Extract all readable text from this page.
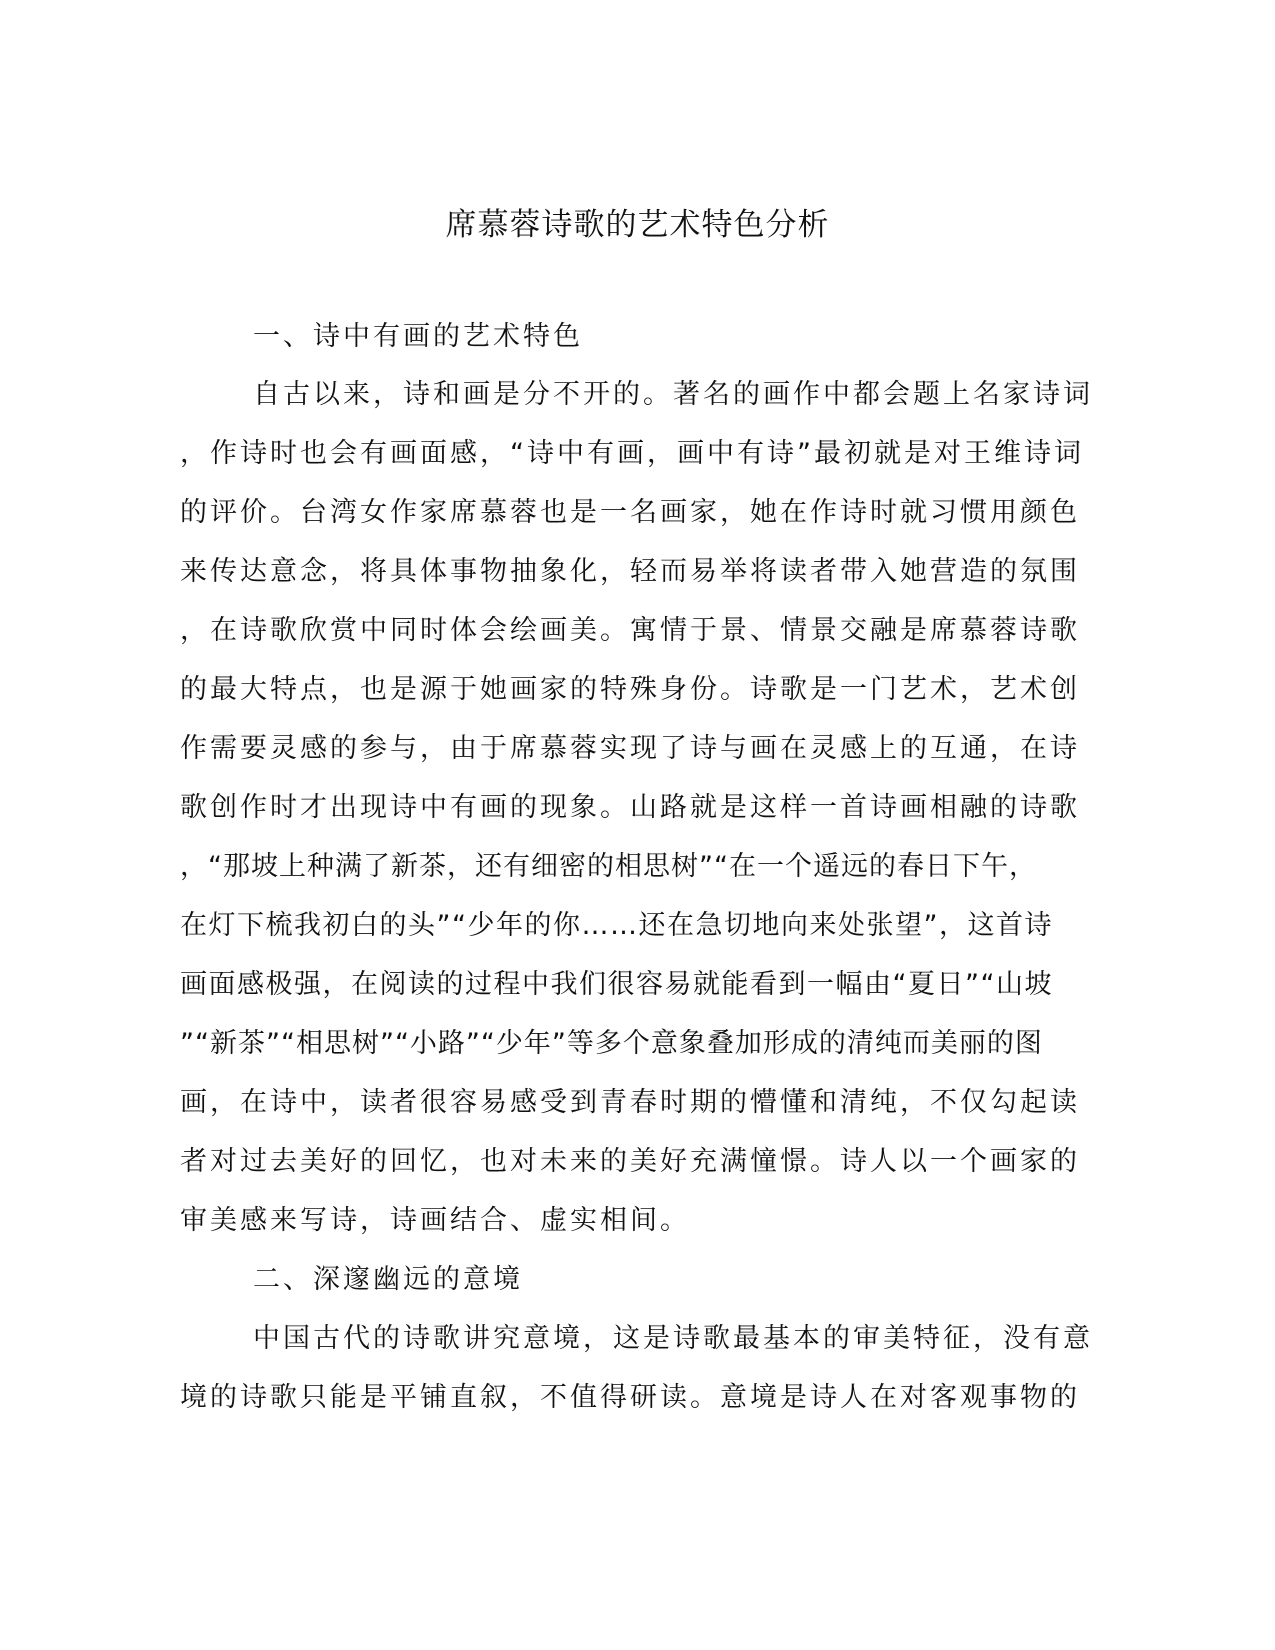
席慕蓉诗歌的艺术特色分析

一、诗中有画的艺术特色

自古以来，诗和画是分不开的。著名的画作中都会题上名家诗词

，作诗时也会有画面感，“诗中有画，画中有诗”最初就是对王维诗词

的评价。台湾女作家席慕蓉也是一名画家，她在作诗时就习惯用颜色

来传达意念，将具体事物抽象化，轻而易举将读者带入她营造的氛围

，在诗歌欣赏中同时体会绘画美。寓情于景、情景交融是席慕蓉诗歌

的最大特点，也是源于她画家的特殊身份。诗歌是一门艺术，艺术创

作需要灵感的参与，由于席慕蓉实现了诗与画在灵感上的互通，在诗

歌创作时才出现诗中有画的现象。山路就是这样一首诗画相融的诗歌

，“那坡上种满了新茶，还有细密的相思树”“在一个遥远的春日下午，

在灯下梳我初白的头”“少年的你……还在急切地向来处张望”，这首诗

画面感极强，在阅读的过程中我们很容易就能看到一幅由“夏日”“山坡

”“新茶”“相思树”“小路”“少年”等多个意象叠加形成的清纯而美丽的图

画，在诗中，读者很容易感受到青春时期的懵懂和清纯，不仅勾起读

者对过去美好的回忆，也对未来的美好充满憧憬。诗人以一个画家的

审美感来写诗，诗画结合、虚实相间。

二、深邃幽远的意境

中国古代的诗歌讲究意境，这是诗歌最基本的审美特征，没有意

境的诗歌只能是平铺直叙，不值得研读。意境是诗人在对客观事物的
